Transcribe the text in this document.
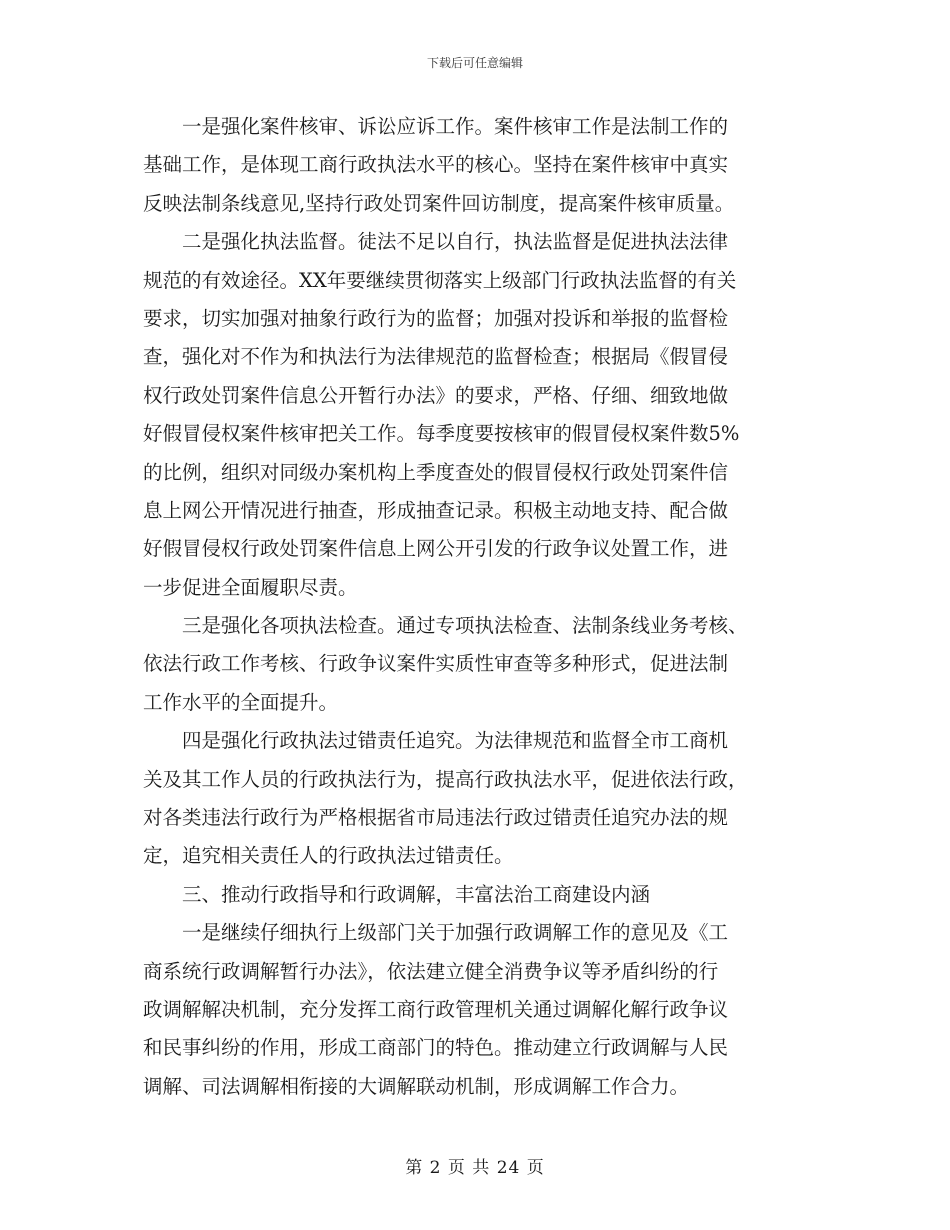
下载后可任意编辑
一是强化案件核审、诉讼应诉工作。案件核审工作是法制工作的
基础工作，是体现工商行政执法水平的核心。坚持在案件核审中真实
反映法制条线意见,坚持行政处罚案件回访制度，提高案件核审质量。
二是强化执法监督。徒法不足以自行，执法监督是促进执法法律
规范的有效途径。XX年要继续贯彻落实上级部门行政执法监督的有关
要求，切实加强对抽象行政行为的监督；加强对投诉和举报的监督检
查，强化对不作为和执法行为法律规范的监督检查；根据局《假冒侵
权行政处罚案件信息公开暂行办法》的要求，严格、仔细、细致地做
好假冒侵权案件核审把关工作。每季度要按核审的假冒侵权案件数5%
的比例，组织对同级办案机构上季度查处的假冒侵权行政处罚案件信
息上网公开情况进行抽查，形成抽查记录。积极主动地支持、配合做
好假冒侵权行政处罚案件信息上网公开引发的行政争议处置工作，进
一步促进全面履职尽责。
三是强化各项执法检查。通过专项执法检查、法制条线业务考核、
依法行政工作考核、行政争议案件实质性审查等多种形式，促进法制
工作水平的全面提升。
四是强化行政执法过错责任追究。为法律规范和监督全市工商机
关及其工作人员的行政执法行为，提高行政执法水平，促进依法行政，
对各类违法行政行为严格根据省市局违法行政过错责任追究办法的规
定，追究相关责任人的行政执法过错责任。
三、推动行政指导和行政调解，丰富法治工商建设内涵
一是继续仔细执行上级部门关于加强行政调解工作的意见及《工
商系统行政调解暂行办法》，依法建立健全消费争议等矛盾纠纷的行
政调解解决机制，充分发挥工商行政管理机关通过调解化解行政争议
和民事纠纷的作用，形成工商部门的特色。推动建立行政调解与人民
调解、司法调解相衔接的大调解联动机制，形成调解工作合力。
第 2 页 共 24 页
